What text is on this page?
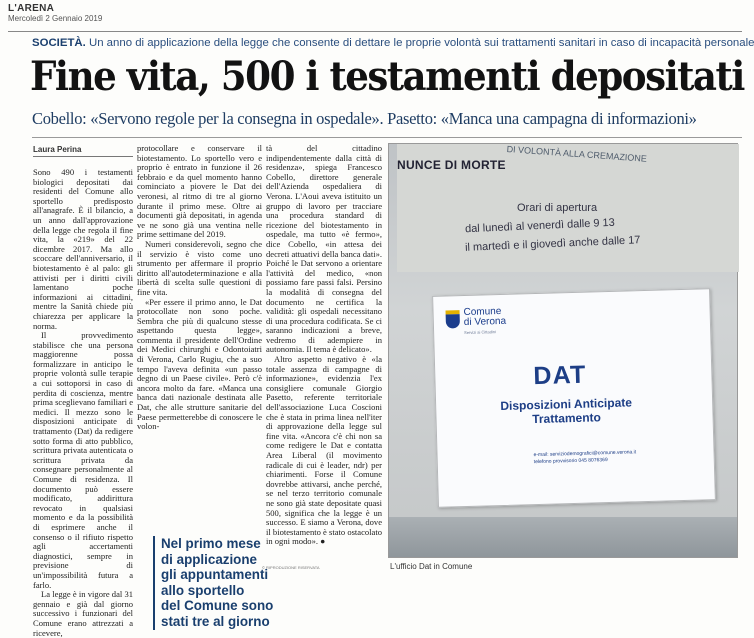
L'ARENA
Mercoledì 2 Gennaio 2019
SOCIETÀ. Un anno di applicazione della legge che consente di dettare le proprie volontà sui trattamenti sanitari in caso di incapacità personale
Fine vita, 500 i testamenti depositati
Cobello: «Servono regole per la consegna in ospedale». Pasetto: «Manca una campagna di informazioni»
Laura Perina

Sono 490 i testamenti biologici depositati dai residenti del Comune allo sportello predisposto all'anagrafe. È il bilancio, a un anno dall'approvazione della legge che regola il fine vita, la «219» del 22 dicembre 2017. Ma allo scoccare dell'anniversario, il biotestamento è al palo: gli attivisti per i diritti civili lamentano poche informazioni ai cittadini, mentre la Sanità chiede più chiarezza per applicare la norma.

Il provvedimento stabilisce che una persona maggiorenne possa formalizzare in anticipo le proprie volontà sulle terapie a cui sottoporsi in caso di perdita di coscienza, mentre prima sceglievano familiari e medici. Il mezzo sono le disposizioni anticipate di trattamento (Dat) da redigere sotto forma di atto pubblico, scrittura privata autenticata o scrittura privata da consegnare personalmente al Comune di residenza. Il documento può essere modificato, addirittura revocato in qualsiasi momento e da la possibilità di esprimere anche il consenso o il rifiuto rispetto agli accertamenti diagnostici, sempre in previsione di un'impossibilità futura a farlo.

La legge è in vigore dal 31 gennaio e già dal giorno successivo i funzionari del Comune erano attrezzati a ricevere,

protocollare e conservare il biotestamento. Lo sportello vero e proprio è entrato in funzione il 26 febbraio e da quel momento hanno cominciato a piovere le Dat dei veronesi, al ritmo di tre al giorno durante il primo mese. Oltre ai documenti già depositati, in agenda ve ne sono già una ventina nelle prime settimane del 2019.

Numeri considerevoli, segno che il servizio è visto come uno strumento per affermare il proprio diritto all'autodeterminazione e alla libertà di scelta sulle questioni di fine vita.

«Per essere il primo anno, le Dat protocollate non sono poche. Sembra che più di qualcuno stesse aspettando questa legge», commenta il presidente dell'Ordine dei Medici chirurghi e Odontoiatri di Verona, Carlo Rugiu, che a suo tempo l'aveva definita «un passo degno di un Paese civile». Però c'è ancora molto da fare. «Manca una banca dati nazionale destinata alle Dat, che alle strutture sanitarie del Paese permetterebbe di conoscere le volon-

tà del cittadino indipendentemente dalla città di residenza», spiega Francesco Cobello, direttore generale dell'Azienda ospedaliera di Verona. L'Aoui aveva istituito un gruppo di lavoro per tracciare una procedura standard di ricezione del biotestamento in ospedale, ma tutto «è fermo», dice Cobello, «in attesa dei decreti attuativi della banca dati». Poiché le Dat servono a orientare l'attività del medico, «non possiamo fare passi falsi. Persino la modalità di consegna del documento ne certifica la validità: gli ospedali necessitano di una procedura codificata. Se ci saranno indicazioni a breve, vedremo di adempiere in autonomia. Il tema è delicato».

Altro aspetto negativo è «la totale assenza di campagne di informazione», evidenzia l'ex consigliere comunale Giorgio Pasetto, referente territoriale dell'associazione Luca Coscioni che è stata in prima linea nell'iter di approvazione della legge sul fine vita. «Ancora c'è chi non sa come redigere le Dat e contatta Area Liberal (il movimento radicale di cui è leader, ndr) per chiarimenti. Forse il Comune dovrebbe attivarsi, anche perché, se nel terzo territorio comunale ne sono già state depositate quasi 500, significa che la legge è un successo. E siamo a Verona, dove il biotestamento è stato ostacolato in ogni modo». ●

Nel primo mese
di applicazione
gli appuntamenti
allo sportello
del Comune sono
stati tre al giorno
DI VOLONTÀ ALLA CREMAZIONE
NUNCE DI MORTE
Orari di apertura
dal lunedì al venerdì dalle 9 13
il martedì e il giovedì anche dalle 17
Comune
di Verona
Servizi ai Cittadini
DAT
Disposizioni Anticipate
Trattamento
e-mail: serviziodemografici@comune.verona.it
telefono provvisorio 045 8076369
© RIPRODUZIONE RISERVATA	L'ufficio Dat in Comune
